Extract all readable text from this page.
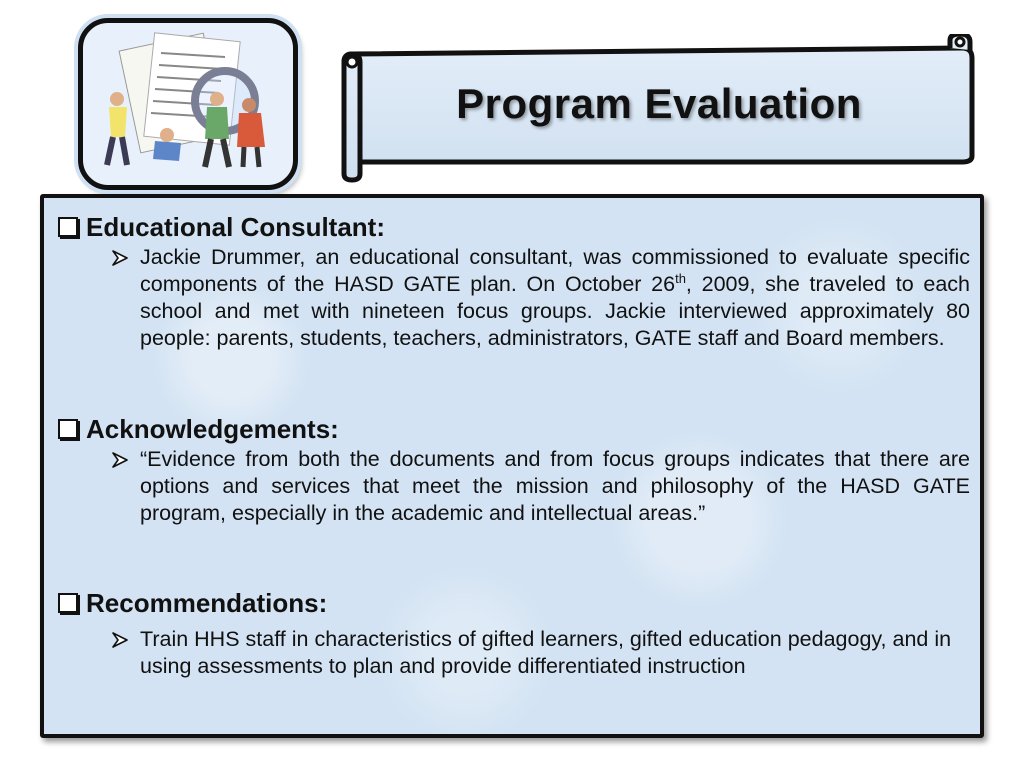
Program Evaluation
Educational Consultant:
Jackie Drummer, an educational consultant, was commissioned to evaluate specific components of the HASD GATE plan. On October 26th, 2009, she traveled to each school and met with nineteen focus groups. Jackie interviewed approximately 80 people: parents, students, teachers, administrators, GATE staff and Board members.
Acknowledgements:
“Evidence from both the documents and from focus groups indicates that there are options and services that meet the mission and philosophy of the HASD GATE program, especially in the academic and intellectual areas.”
Recommendations:
Train HHS staff in characteristics of gifted learners, gifted education pedagogy, and in using assessments to plan and provide differentiated instruction
